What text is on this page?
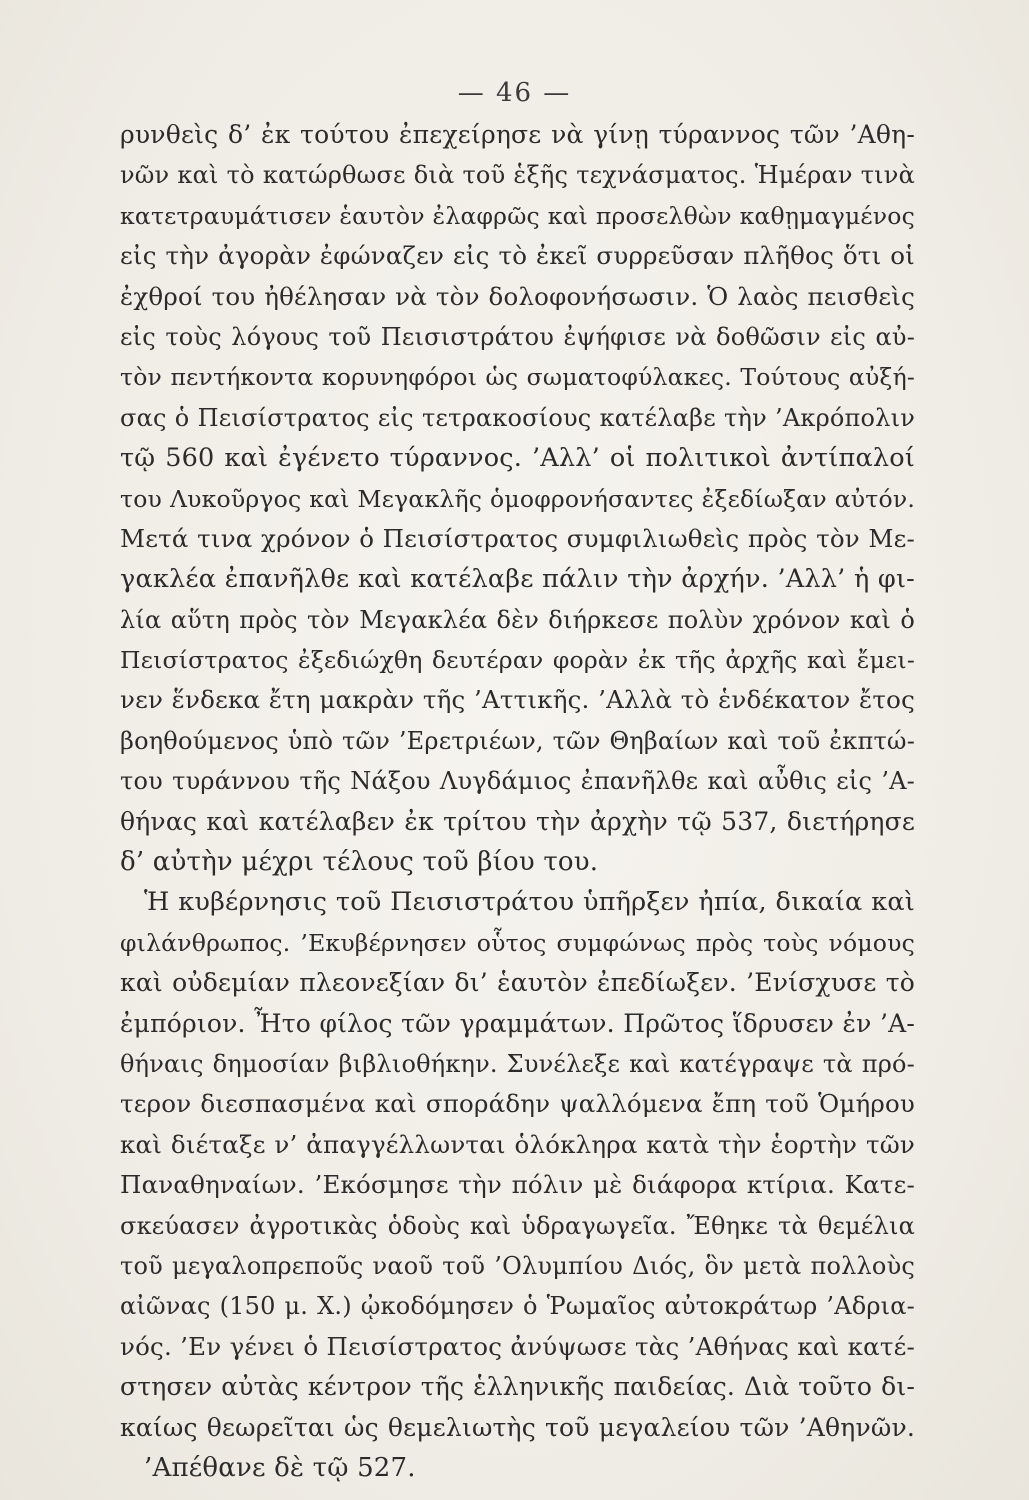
— 46 —
ρυνθεὶς δ’ ἐκ τούτου ἐπεχείρησε νὰ γίνῃ τύραννος τῶν ’Αθη-
νῶν καὶ τὸ κατώρθωσε διὰ τοῦ ἑξῆς τεχνάσματος. Ἡμέραν τινὰ
κατετραυμάτισεν ἑαυτὸν ἐλαφρῶς καὶ προσελθὼν καθῃμαγμένος
εἰς τὴν ἀγορὰν ἐφώναζεν εἰς τὸ ἐκεῖ συρρεῦσαν πλῆθος ὅτι οἱ
ἐχθροί του ἠθέλησαν νὰ τὸν δολοφονήσωσιν. Ὁ λαὸς πεισθεὶς
εἰς τοὺς λόγους τοῦ Πεισιστράτου ἐψήφισε νὰ δοθῶσιν εἰς αὐ-
τὸν πεντήκοντα κορυνηφόροι ὡς σωματοφύλακες. Τούτους αὐξή-
σας ὁ Πεισίστρατος εἰς τετρακοσίους κατέλαβε τὴν ’Ακρόπολιν
τῷ 560 καὶ ἐγένετο τύραννος. ’Αλλ’ οἱ πολιτικοὶ ἀντίπαλοί
του Λυκοῦργος καὶ Μεγακλῆς ὁμοφρονήσαντες ἐξεδίωξαν αὐτόν.
Μετά τινα χρόνον ὁ Πεισίστρατος συμφιλιωθεὶς πρὸς τὸν Με-
γακλέα ἐπανῆλθε καὶ κατέλαβε πάλιν τὴν ἀρχήν. ’Αλλ’ ἡ φι-
λία αὕτη πρὸς τὸν Μεγακλέα δὲν διήρκεσε πολὺν χρόνον καὶ ὁ
Πεισίστρατος ἐξεδιώχθη δευτέραν φορὰν ἐκ τῆς ἀρχῆς καὶ ἔμει-
νεν ἕνδεκα ἔτη μακρὰν τῆς ’Αττικῆς. ’Αλλὰ τὸ ἑνδέκατον ἔτος
βοηθούμενος ὑπὸ τῶν ’Ερετριέων, τῶν Θηβαίων καὶ τοῦ ἐκπτώ-
του τυράννου τῆς Νάξου Λυγδάμιος ἐπανῆλθε καὶ αὖθις εἰς ’Α-
θήνας καὶ κατέλαβεν ἐκ τρίτου τὴν ἀρχὴν τῷ 537, διετήρησε
δ’ αὐτὴν μέχρι τέλους τοῦ βίου του.
Ἡ κυβέρνησις τοῦ Πεισιστράτου ὑπῆρξεν ἠπία, δικαία καὶ
φιλάνθρωπος. ’Εκυβέρνησεν οὗτος συμφώνως πρὸς τοὺς νόμους
καὶ οὐδεμίαν πλεονεξίαν δι’ ἑαυτὸν ἐπεδίωξεν. ’Ενίσχυσε τὸ
ἐμπόριον. Ἦτο φίλος τῶν γραμμάτων. Πρῶτος ἵδρυσεν ἐν ’Α-
θήναις δημοσίαν βιβλιοθήκην. Συνέλεξε καὶ κατέγραψε τὰ πρό-
τερον διεσπασμένα καὶ σποράδην ψαλλόμενα ἔπη τοῦ Ὁμήρου
καὶ διέταξε ν’ ἀπαγγέλλωνται ὁλόκληρα κατὰ τὴν ἑορτὴν τῶν
Παναθηναίων. ’Εκόσμησε τὴν πόλιν μὲ διάφορα κτίρια. Κατε-
σκεύασεν ἀγροτικὰς ὁδοὺς καὶ ὑδραγωγεῖα. Ἔθηκε τὰ θεμέλια
τοῦ μεγαλοπρεποῦς ναοῦ τοῦ ’Ολυμπίου Διός, ὃν μετὰ πολλοὺς
αἰῶνας (150 μ. Χ.) ᾠκοδόμησεν ὁ Ῥωμαῖος αὐτοκράτωρ ’Αδρια-
νός. ’Εν γένει ὁ Πεισίστρατος ἀνύψωσε τὰς ’Αθήνας καὶ κατέ-
στησεν αὐτὰς κέντρον τῆς ἑλληνικῆς παιδείας. Διὰ τοῦτο δι-
καίως θεωρεῖται ὡς θεμελιωτὴς τοῦ μεγαλείου τῶν ’Αθηνῶν.
’Απέθανε δὲ τῷ 527.
